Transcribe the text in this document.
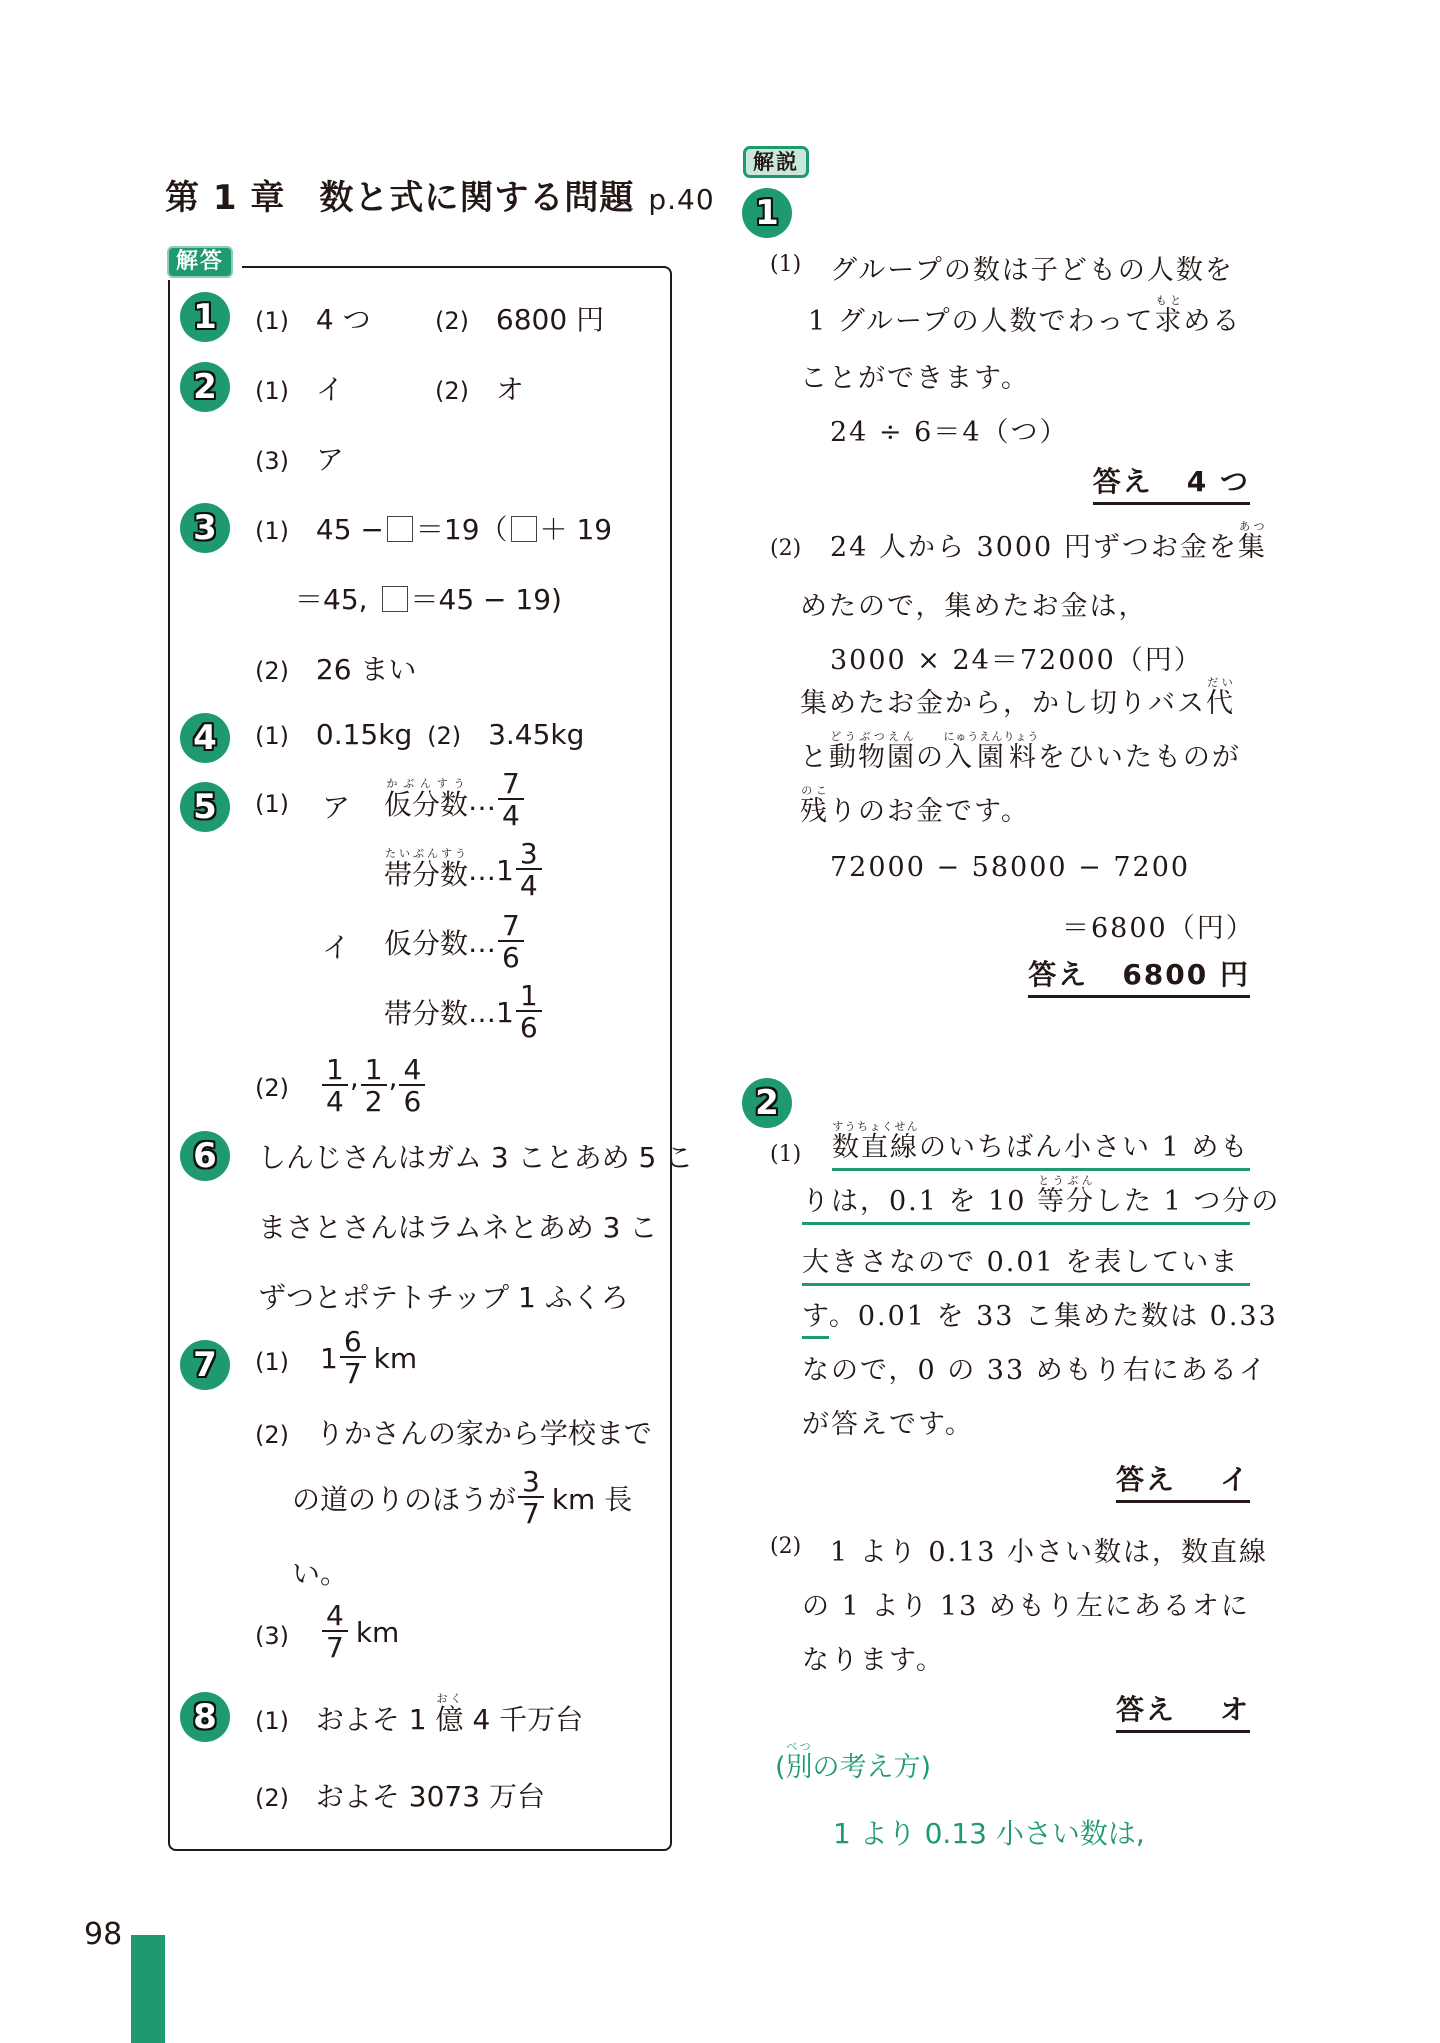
第 1 章 数と式に関する問題 p.40
解答
1	(1) 4 つ	(2) 6800 円
2	(1) イ	(2) オ
(3) ア
3	(1) 45 − ＝19（ ＋ 19
＝45, ＝45 − 19)
(2) 26 まい
4	(1) 0.15kg (2) 3.45kg
5	(1) ア 仮分数かぶんすう … $\frac{7}{4}$
帯分数たいぶんすう … $1 \frac{3}{4}$
イ 仮分数 … $\frac{7}{6}$
帯分数 … $1 \frac{1}{6}$
$(2) \frac{1}{4}$ , $\frac{1}{2}$ , $\frac{4}{6}$
6	しんじさんはガム 3 ことあめ 5 こ
まさとさんはラムネとあめ 3 こ
ずつとポテトチップ 1 ふくろ
7	(1) $1 \frac{6}{7}$ km
(2) りかさんの家から学校まで
の道のりのほうが $\frac{3}{7}$ km 長
い。
$(3) \frac{4}{7}$ km
8	(1) およそ 1 億おく 4 千万台
(2) およそ 3073 万台
解説
1
(1) グループの数は子どもの人数を
1 グループの人数でわって求もとめる
ことができます。
24 ÷ 6＝4（つ）
答え 4 つ
(2) 24 人から 3000 円ずつお金を集あつ
めたので，集めたお金は，
3000 × 24＝72000（円）
集めたお金から，かし切りバス代だい
と動物園どうぶつえんの入園料にゅうえんりょうをひいたものが
残のこりのお金です。
72000 − 58000 − 7200
＝6800（円）
答え 6800 円
2
(1) 数直線すうちょくせんのいちばん小さい 1 めも
りは，0.1 を 10 等分とうぶんした 1 つ分の
大きさなので 0.01 を表していま
す。0.01 を 33 こ集めた数は 0.33
なので，0 の 33 めもり右にあるイ
が答えです。
答え イ
(2) 1 より 0.13 小さい数は，数直線
の 1 より 13 めもり左にあるオに
なります。
答え オ
(別べつの考え方)
1 より 0.13 小さい数は,
98
